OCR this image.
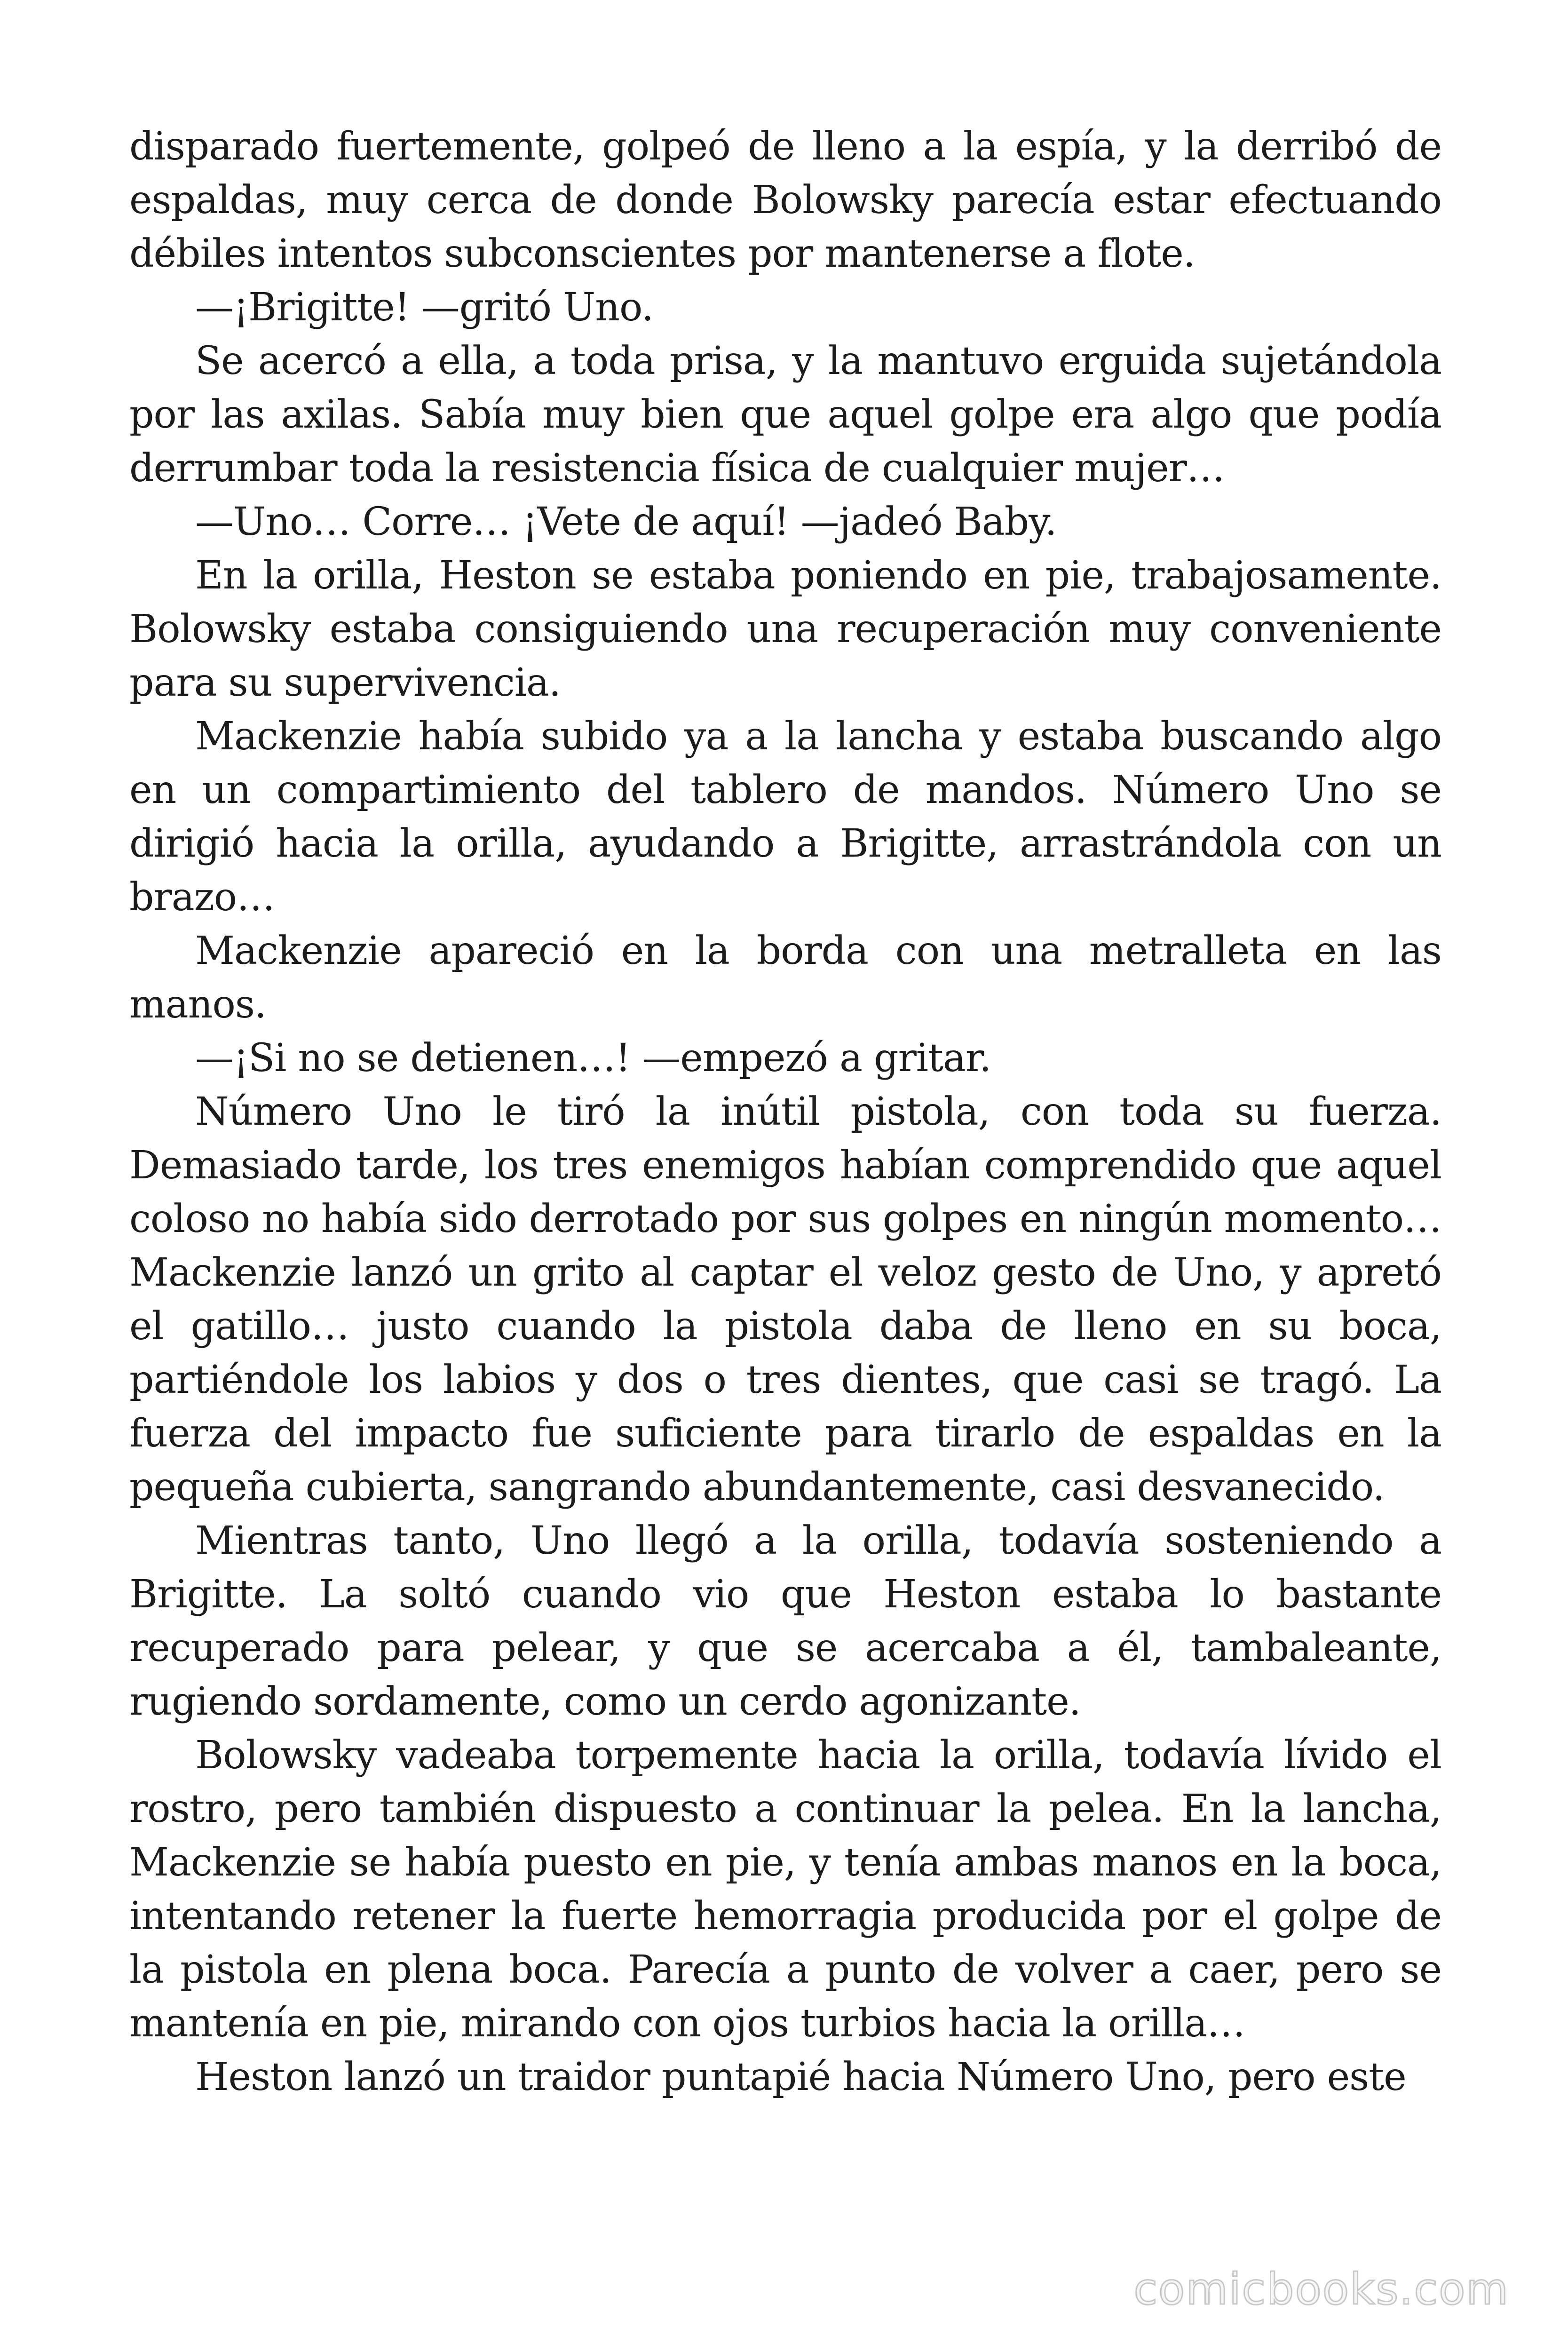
disparado fuertemente, golpeó de lleno a la espía, y la derribó de espaldas, muy cerca de donde Bolowsky parecía estar efectuando débiles intentos subconscientes por mantenerse a flote.

—¡Brigitte! —gritó Uno.

Se acercó a ella, a toda prisa, y la mantuvo erguida sujetándola por las axilas. Sabía muy bien que aquel golpe era algo que podía derrumbar toda la resistencia física de cualquier mujer…

—Uno… Corre… ¡Vete de aquí! —jadeó Baby.

En la orilla, Heston se estaba poniendo en pie, trabajosamente. Bolowsky estaba consiguiendo una recuperación muy conveniente para su supervivencia.

Mackenzie había subido ya a la lancha y estaba buscando algo en un compartimiento del tablero de mandos. Número Uno se dirigió hacia la orilla, ayudando a Brigitte, arrastrándola con un brazo…

Mackenzie apareció en la borda con una metralleta en las manos.

—¡Si no se detienen…! —empezó a gritar.

Número Uno le tiró la inútil pistola, con toda su fuerza. Demasiado tarde, los tres enemigos habían comprendido que aquel coloso no había sido derrotado por sus golpes en ningún momento… Mackenzie lanzó un grito al captar el veloz gesto de Uno, y apretó el gatillo… justo cuando la pistola daba de lleno en su boca, partiéndole los labios y dos o tres dientes, que casi se tragó. La fuerza del impacto fue suficiente para tirarlo de espaldas en la pequeña cubierta, sangrando abundantemente, casi desvanecido.

Mientras tanto, Uno llegó a la orilla, todavía sosteniendo a Brigitte. La soltó cuando vio que Heston estaba lo bastante recuperado para pelear, y que se acercaba a él, tambaleante, rugiendo sordamente, como un cerdo agonizante.

Bolowsky vadeaba torpemente hacia la orilla, todavía lívido el rostro, pero también dispuesto a continuar la pelea. En la lancha, Mackenzie se había puesto en pie, y tenía ambas manos en la boca, intentando retener la fuerte hemorragia producida por el golpe de la pistola en plena boca. Parecía a punto de volver a caer, pero se mantenía en pie, mirando con ojos turbios hacia la orilla…

Heston lanzó un traidor puntapié hacia Número Uno, pero este

comicbooks.com
